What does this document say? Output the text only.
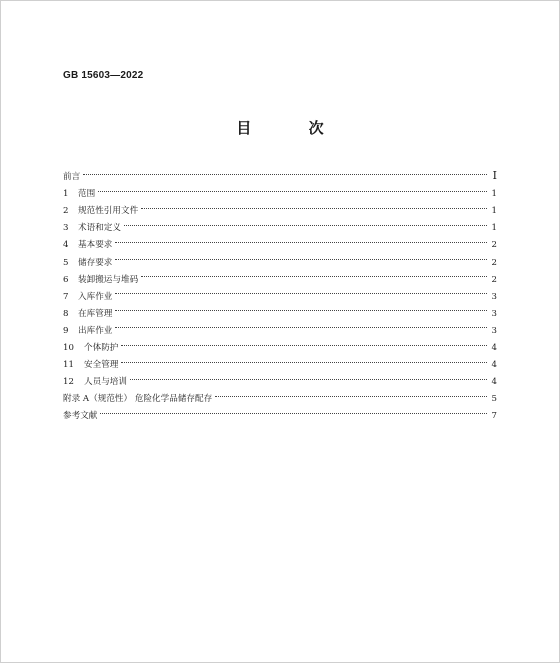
GB 15603—2022
目 次
前言	Ⅰ
1	范围	1
2	规范性引用文件	1
3	术语和定义	1
4	基本要求	2
5	储存要求	2
6	装卸搬运与堆码	2
7	入库作业	3
8	在库管理	3
9	出库作业	3
10	个体防护	4
11	安全管理	4
12	人员与培训	4
附录 A（规范性） 危险化学品储存配存	5
参考文献	7
